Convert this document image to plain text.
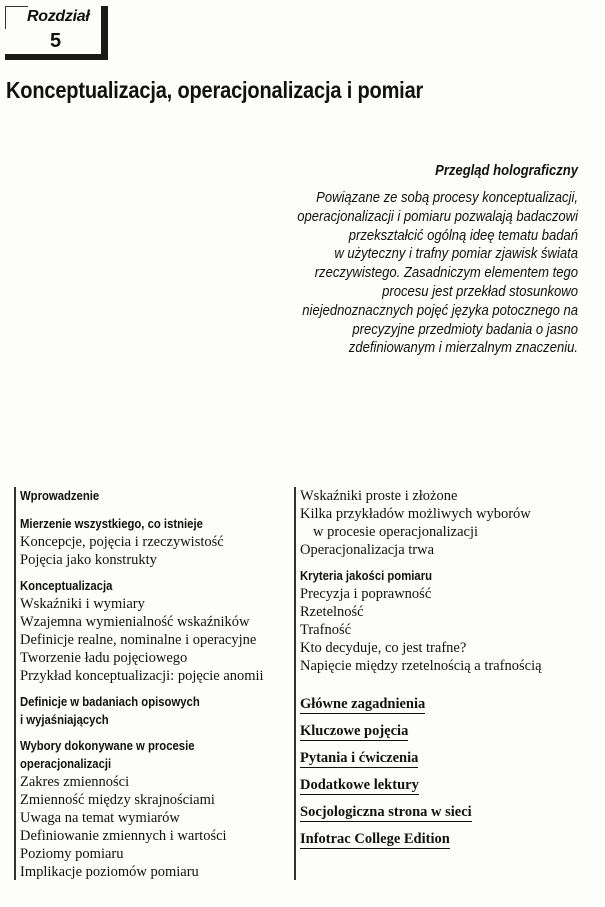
Rozdział
5
Konceptualizacja, operacjonalizacja i pomiar
Przegląd holograficzny
Powiązane ze sobą procesy konceptualizacji,
operacjonalizacji i pomiaru pozwalają badaczowi
przekształcić ogólną ideę tematu badań
w użyteczny i trafny pomiar zjawisk świata
rzeczywistego. Zasadniczym elementem tego
procesu jest przekład stosunkowo
niejednoznacznych pojęć języka potocznego na
precyzyjne przedmioty badania o jasno
zdefiniowanym i mierzalnym znaczeniu.
Wprowadzenie
Mierzenie wszystkiego, co istnieje
Koncepcje, pojęcia i rzeczywistość
Pojęcia jako konstrukty
Konceptualizacja
Wskaźniki i wymiary
Wzajemna wymienialność wskaźników
Definicje realne, nominalne i operacyjne
Tworzenie ładu pojęciowego
Przykład konceptualizacji: pojęcie anomii
Definicje w badaniach opisowych
i wyjaśniających
Wybory dokonywane w procesie
operacjonalizacji
Zakres zmienności
Zmienność między skrajnościami
Uwaga na temat wymiarów
Definiowanie zmiennych i wartości
Poziomy pomiaru
Implikacje poziomów pomiaru
Wskaźniki proste i złożone
Kilka przykładów możliwych wyborów
w procesie operacjonalizacji
Operacjonalizacja trwa
Kryteria jakości pomiaru
Precyzja i poprawność
Rzetelność
Trafność
Kto decyduje, co jest trafne?
Napięcie między rzetelnością a trafnością
Główne zagadnienia
Kluczowe pojęcia
Pytania i ćwiczenia
Dodatkowe lektury
Socjologiczna strona w sieci
Infotrac College Edition
